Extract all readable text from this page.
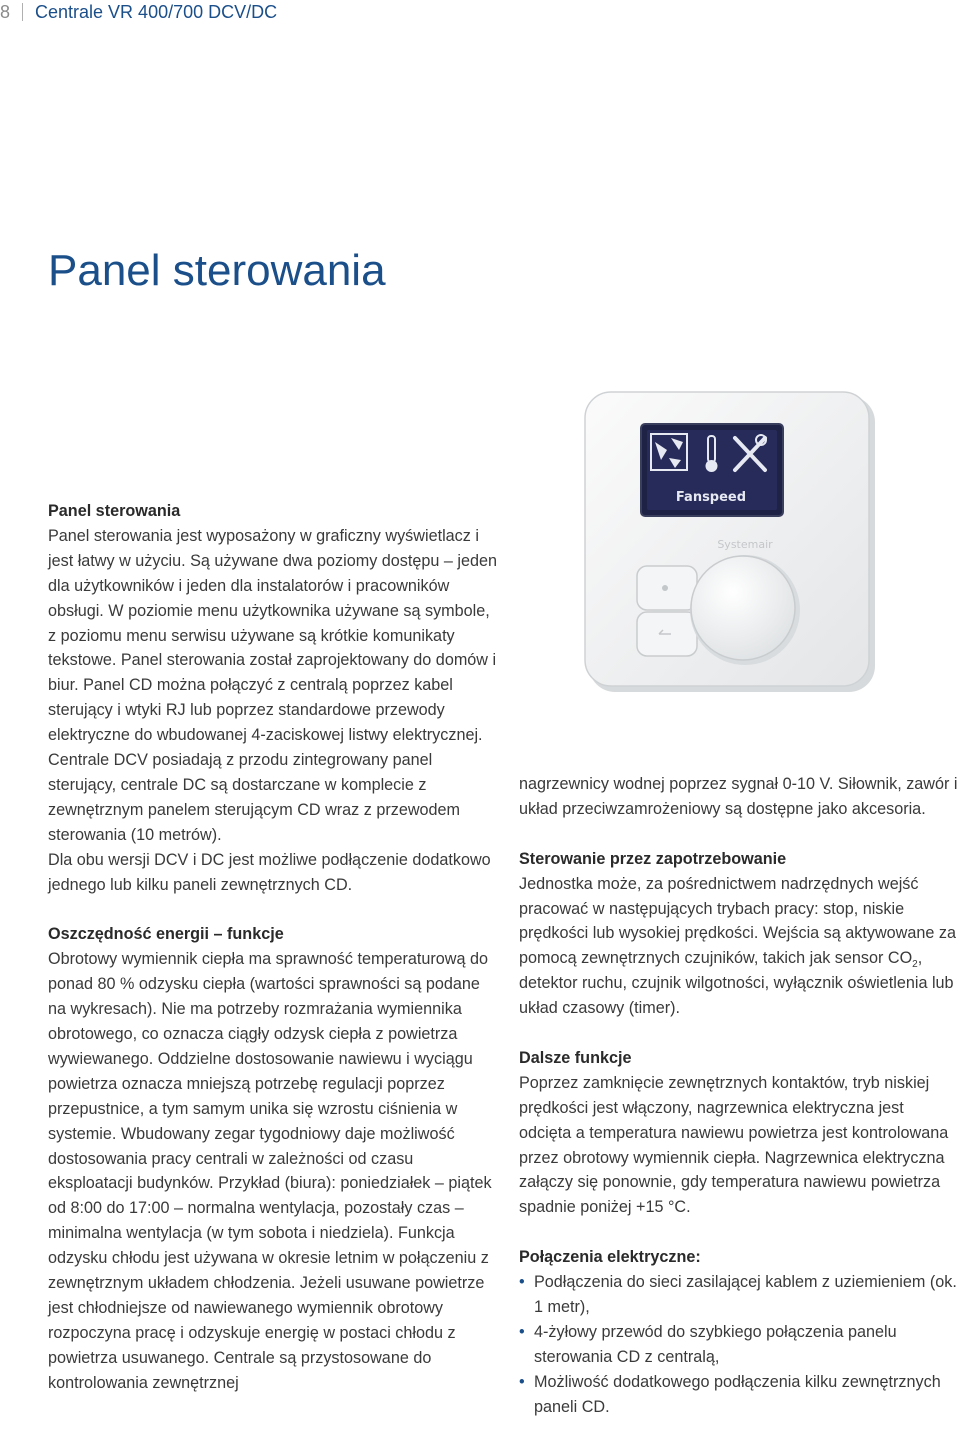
8 Centrale VR 400/700 DCV/DC
Panel sterowania
Panel sterowania

Panel sterowania jest wyposażony w graficzny wyświetlacz i jest łatwy w użyciu. Są używane dwa poziomy dostępu – jeden dla użytkowników i jeden dla instalatorów i pracowników obsługi. W poziomie menu użytkownika używane są symbole, z poziomu menu serwisu używane są krótkie komunikaty tekstowe. Panel sterowania został zaprojektowany do domów i biur. Panel CD można połączyć z centralą poprzez kabel sterujący i wtyki RJ lub poprzez standardowe przewody elektryczne do wbudowanej 4-zaciskowej listwy elektrycznej. Centrale DCV posiadają z przodu zintegrowany panel sterujący, centrale DC są dostarczane w komplecie z zewnętrznym panelem sterującym CD wraz z przewodem sterowania (10 metrów).

Dla obu wersji DCV i DC jest możliwe podłączenie dodatkowo jednego lub kilku paneli zewnętrznych CD.

Oszczędność energii – funkcje

Obrotowy wymiennik ciepła ma sprawność temperaturową do ponad 80 % odzysku ciepła (wartości sprawności są podane na wykresach). Nie ma potrzeby rozmrażania wymiennika obrotowego, co oznacza ciągły odzysk ciepła z powietrza wywiewanego. Oddzielne dostosowanie nawiewu i wyciągu powietrza oznacza mniejszą potrzebę regulacji poprzez przepustnice, a tym samym unika się wzrostu ciśnienia w systemie. Wbudowany zegar tygodniowy daje możliwość dostosowania pracy centrali w zależności od czasu eksploatacji budynków. Przykład (biura): poniedziałek – piątek od 8:00 do 17:00 – normalna wentylacja, pozostały czas – minimalna wentylacja (w tym sobota i niedziela). Funkcja odzysku chłodu jest używana w okresie letnim w połączeniu z zewnętrznym układem chłodzenia. Jeżeli usuwane powietrze jest chłodniejsze od nawiewanego wymiennik obrotowy rozpoczyna pracę i odzyskuje energię w postaci chłodu z powietrza usuwanego. Centrale są przystosowane do kontrolowania zewnętrznej

Fanspeed
Systemair

nagrzewnicy wodnej poprzez sygnał 0-10 V. Siłownik, zawór i układ przeciwzamrożeniowy są dostępne jako akcesoria.

Sterowanie przez zapotrzebowanie

Jednostka może, za pośrednictwem nadrzędnych wejść pracować w następujących trybach pracy: stop, niskie prędkości lub wysokiej prędkości. Wejścia są aktywowane za pomocą zewnętrznych czujników, takich jak sensor $CO_2$, detektor ruchu, czujnik wilgotności, wyłącznik oświetlenia lub układ czasowy (timer).

Dalsze funkcje

Poprzez zamknięcie zewnętrznych kontaktów, tryb niskiej prędkości jest włączony, nagrzewnica elektryczna jest odcięta a temperatura nawiewu powietrza jest kontrolowana przez obrotowy wymiennik ciepła. Nagrzewnica elektryczna załączy się ponownie, gdy temperatura nawiewu powietrza spadnie poniżej +15 °C.

Połączenia elektryczne:
• Podłączenia do sieci zasilającej kablem z uziemieniem (ok. 1 metr),
• 4-żyłowy przewód do szybkiego połączenia panelu sterowania CD z centralą,
• Możliwość dodatkowego podłączenia kilku zewnętrznych paneli CD.
